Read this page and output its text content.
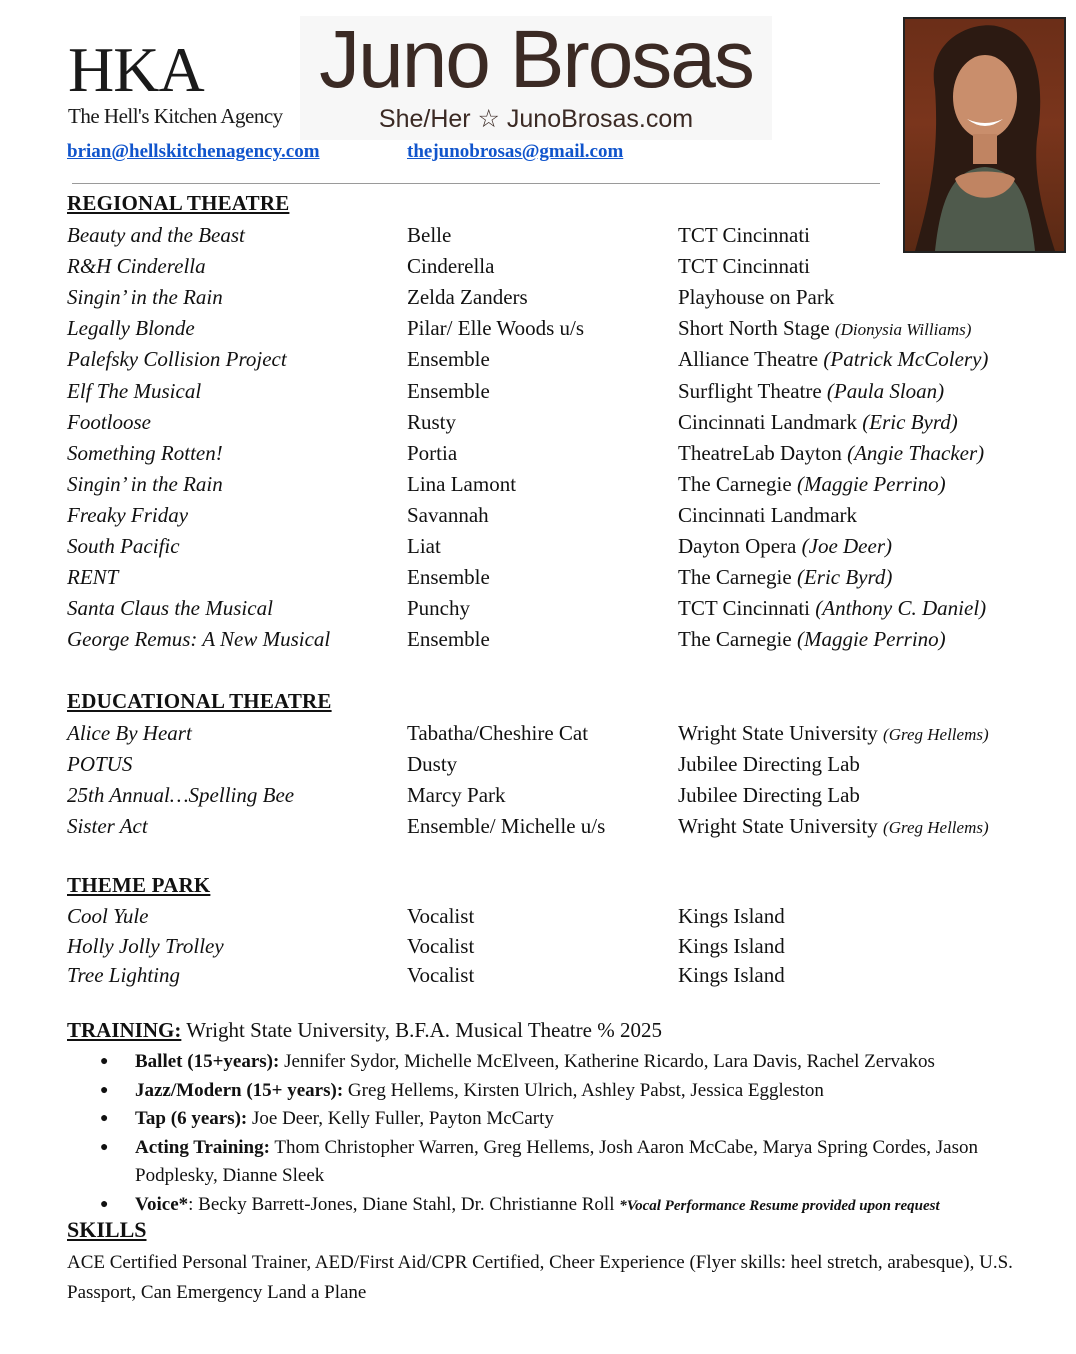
HKA
The Hell's Kitchen Agency
Juno Brosas
She/Her ☆ JunoBrosas.com
brian@hellskitchenagency.com	thejunobrosas@gmail.com
REGIONAL THEATRE
Beauty and the Beast	Belle	TCT Cincinnati
R&H Cinderella	Cinderella	TCT Cincinnati
Singin’ in the Rain	Zelda Zanders	Playhouse on Park
Legally Blonde	Pilar/ Elle Woods u/s	Short North Stage (Dionysia Williams)
Palefsky Collision Project	Ensemble	Alliance Theatre (Patrick McColery)
Elf The Musical	Ensemble	Surflight Theatre (Paula Sloan)
Footloose	Rusty	Cincinnati Landmark (Eric Byrd)
Something Rotten!	Portia	TheatreLab Dayton (Angie Thacker)
Singin’ in the Rain	Lina Lamont	The Carnegie (Maggie Perrino)
Freaky Friday	Savannah	Cincinnati Landmark
South Pacific	Liat	Dayton Opera (Joe Deer)
RENT	Ensemble	The Carnegie (Eric Byrd)
Santa Claus the Musical	Punchy	TCT Cincinnati (Anthony C. Daniel)
George Remus: A New Musical	Ensemble	The Carnegie (Maggie Perrino)
EDUCATIONAL THEATRE
Alice By Heart	Tabatha/Cheshire Cat	Wright State University (Greg Hellems)
POTUS	Dusty	Jubilee Directing Lab
25th Annual…Spelling Bee	Marcy Park	Jubilee Directing Lab
Sister Act	Ensemble/ Michelle u/s	Wright State University (Greg Hellems)
THEME PARK
Cool Yule	Vocalist	Kings Island
Holly Jolly Trolley	Vocalist	Kings Island
Tree Lighting	Vocalist	Kings Island
TRAINING: Wright State University, B.F.A. Musical Theatre % 2025
● Ballet (15+years): Jennifer Sydor, Michelle McElveen, Katherine Ricardo, Lara Davis, Rachel Zervakos
● Jazz/Modern (15+ years): Greg Hellems, Kirsten Ulrich, Ashley Pabst, Jessica Eggleston
● Tap (6 years): Joe Deer, Kelly Fuller, Payton McCarty
● Acting Training: Thom Christopher Warren, Greg Hellems, Josh Aaron McCabe, Marya Spring Cordes, Jason Podplesky, Dianne Sleek
● Voice*: Becky Barrett-Jones, Diane Stahl, Dr. Christianne Roll *Vocal Performance Resume provided upon request
SKILLS
ACE Certified Personal Trainer, AED/First Aid/CPR Certified, Cheer Experience (Flyer skills: heel stretch, arabesque), U.S. Passport, Can Emergency Land a Plane
